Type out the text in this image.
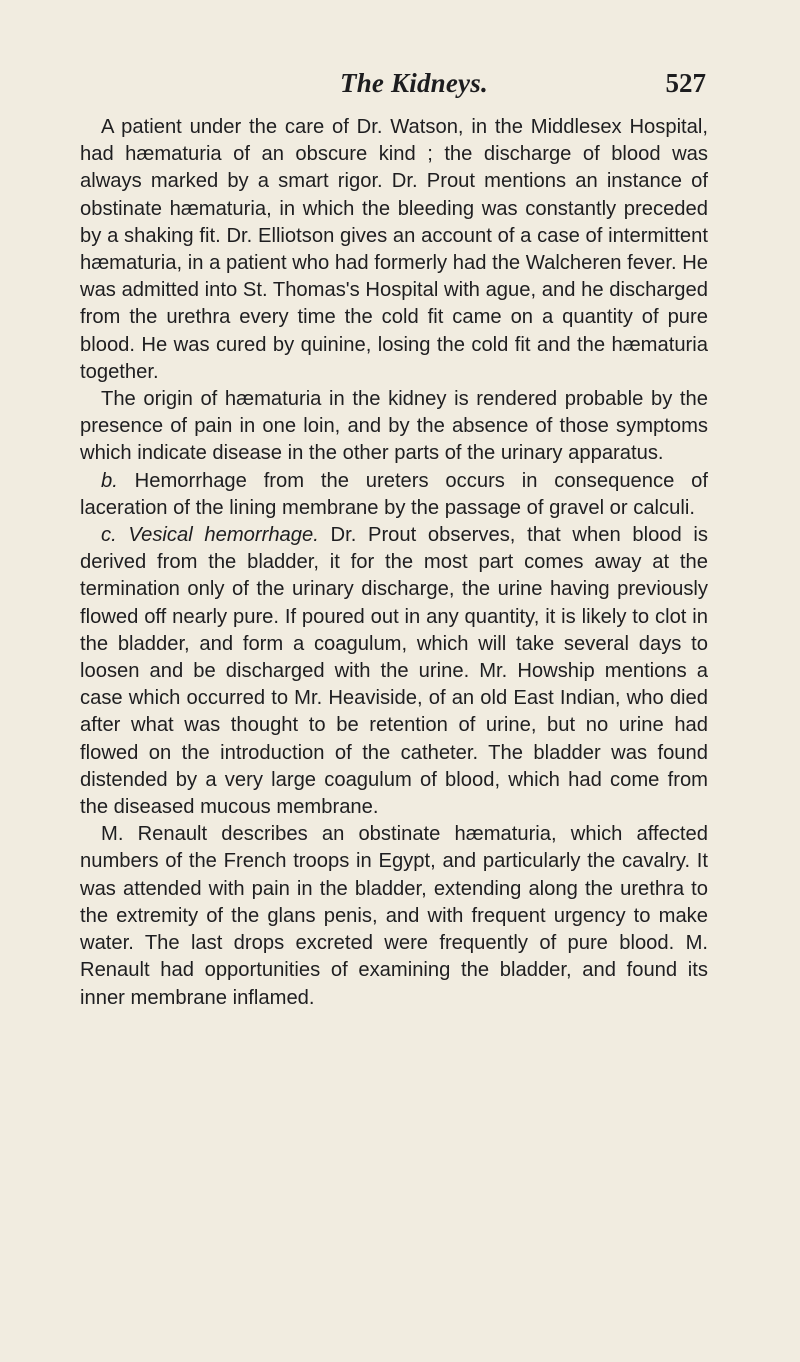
The Kidneys.	527

A patient under the care of Dr. Watson, in the Middlesex Hospital, had hæmaturia of an obscure kind ; the discharge of blood was always marked by a smart rigor. Dr. Prout mentions an instance of obstinate hæmaturia, in which the bleeding was constantly preceded by a shaking fit. Dr. Elliotson gives an account of a case of intermittent hæmaturia, in a patient who had formerly had the Walcheren fever. He was admitted into St. Thomas's Hospital with ague, and he discharged from the urethra every time the cold fit came on a quantity of pure blood. He was cured by quinine, losing the cold fit and the hæmaturia together.

The origin of hæmaturia in the kidney is rendered probable by the presence of pain in one loin, and by the absence of those symptoms which indicate disease in the other parts of the urinary apparatus.

b. Hemorrhage from the ureters occurs in consequence of laceration of the lining membrane by the passage of gravel or calculi.

c. Vesical hemorrhage. Dr. Prout observes, that when blood is derived from the bladder, it for the most part comes away at the termination only of the urinary discharge, the urine having previously flowed off nearly pure. If poured out in any quantity, it is likely to clot in the bladder, and form a coagulum, which will take several days to loosen and be discharged with the urine. Mr. Howship mentions a case which occurred to Mr. Heaviside, of an old East Indian, who died after what was thought to be retention of urine, but no urine had flowed on the introduction of the catheter. The bladder was found distended by a very large coagulum of blood, which had come from the diseased mucous membrane.

M. Renault describes an obstinate hæmaturia, which affected numbers of the French troops in Egypt, and particularly the cavalry. It was attended with pain in the bladder, extending along the urethra to the extremity of the glans penis, and with frequent urgency to make water. The last drops excreted were frequently of pure blood. M. Renault had opportunities of examining the bladder, and found its inner membrane inflamed.
